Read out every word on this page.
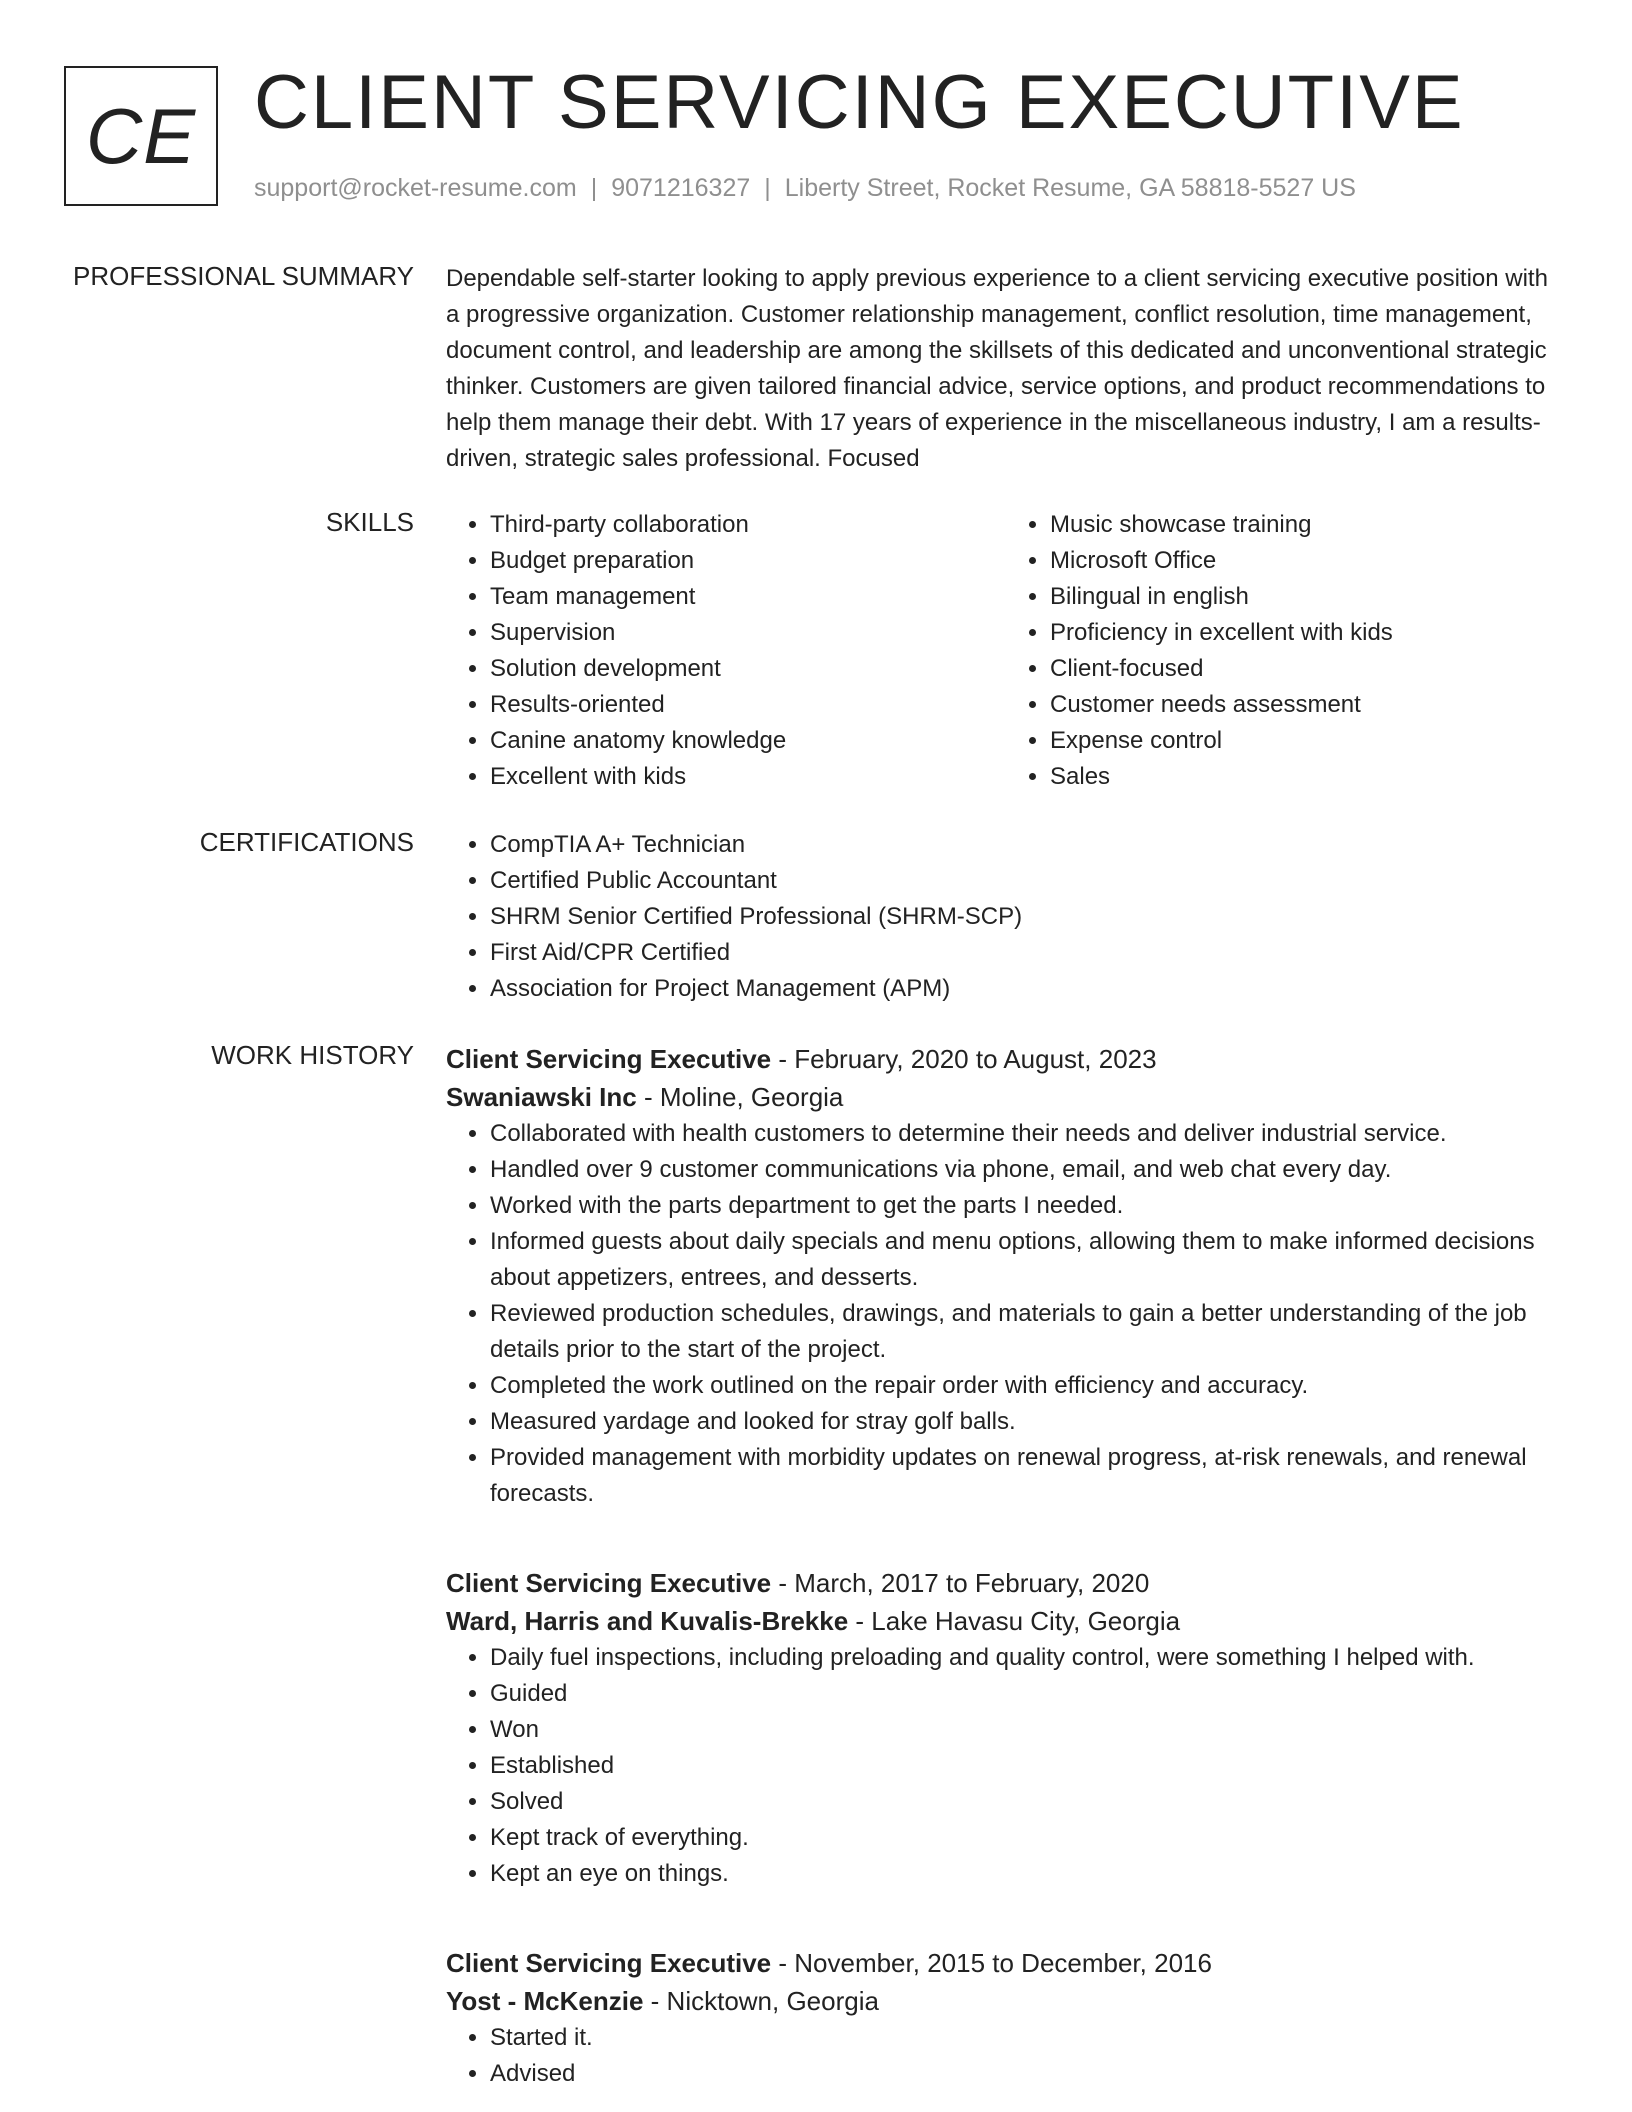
CE CLIENT SERVICING EXECUTIVE
support@rocket-resume.com | 9071216327 | Liberty Street, Rocket Resume, GA 58818-5527 US
PROFESSIONAL SUMMARY Dependable self-starter looking to apply previous experience to a client servicing executive position with a progressive organization. Customer relationship management, conflict resolution, time management, document control, and leadership are among the skillsets of this dedicated and unconventional strategic thinker. Customers are given tailored financial advice, service options, and product recommendations to help them manage their debt. With 17 years of experience in the miscellaneous industry, I am a results-driven, strategic sales professional. Focused

SKILLS	• Third-party collaboration
• Budget preparation
• Team management
• Supervision
• Solution development
• Results-oriented
• Canine anatomy knowledge
• Excellent with kids
• Music showcase training
• Microsoft Office
• Bilingual in english
• Proficiency in excellent with kids
• Client-focused
• Customer needs assessment
• Expense control
• Sales
CERTIFICATIONS	• CompTIA A+ Technician
• Certified Public Accountant
• SHRM Senior Certified Professional (SHRM-SCP)
• First Aid/CPR Certified
• Association for Project Management (APM)
WORK HISTORY Client Servicing Executive - February, 2020 to August, 2023
Swaniawski Inc - Moline, Georgia
• Collaborated with health customers to determine their needs and deliver industrial service.
• Handled over 9 customer communications via phone, email, and web chat every day.
• Worked with the parts department to get the parts I needed.
• Informed guests about daily specials and menu options, allowing them to make informed decisions about appetizers, entrees, and desserts.
• Reviewed production schedules, drawings, and materials to gain a better understanding of the job details prior to the start of the project.
• Completed the work outlined on the repair order with efficiency and accuracy.
• Measured yardage and looked for stray golf balls.
• Provided management with morbidity updates on renewal progress, at-risk renewals, and renewal forecasts.
Client Servicing Executive - March, 2017 to February, 2020
Ward, Harris and Kuvalis-Brekke - Lake Havasu City, Georgia
• Daily fuel inspections, including preloading and quality control, were something I helped with.
• Guided
• Won
• Established
• Solved
• Kept track of everything.
• Kept an eye on things.
Client Servicing Executive - November, 2015 to December, 2016
Yost - McKenzie - Nicktown, Georgia
• Started it.
• Advised
